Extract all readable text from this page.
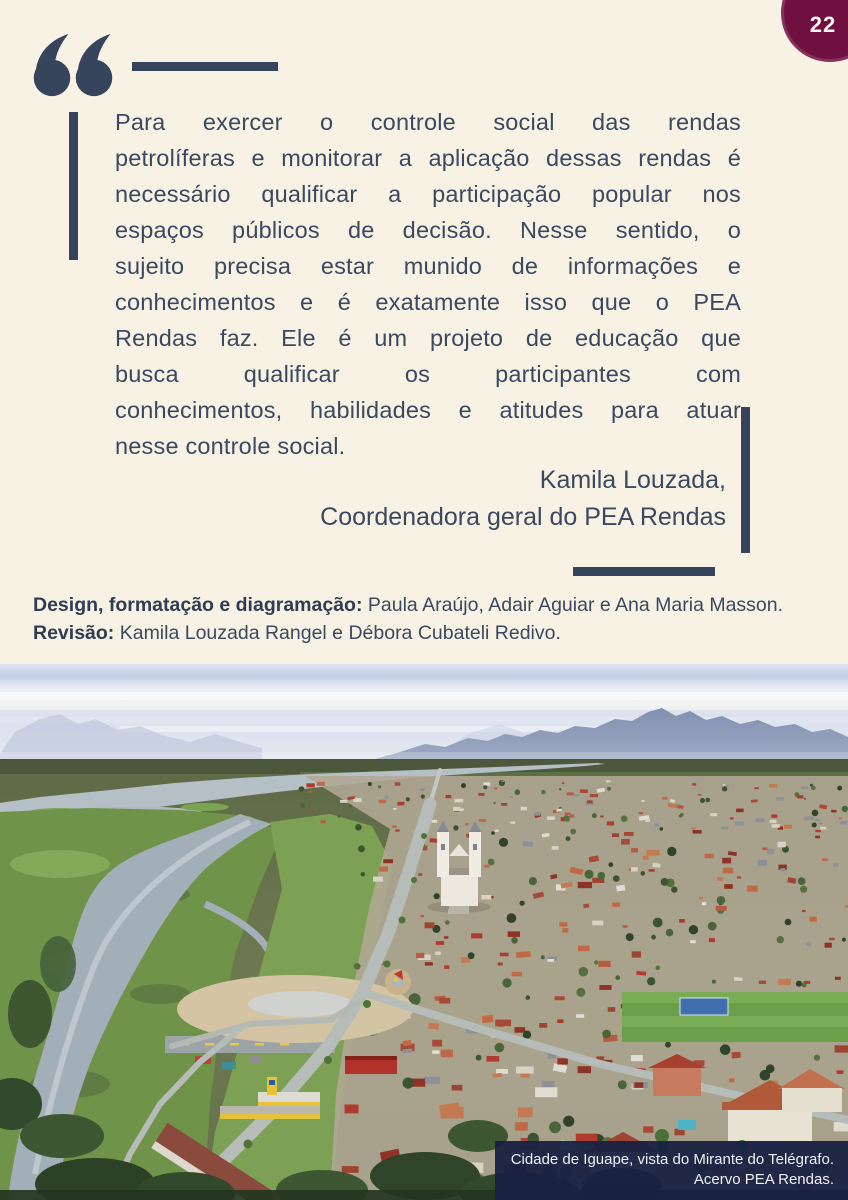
22
Para exercer o controle social das rendas
petrolíferas e monitorar a aplicação dessas rendas é
necessário qualificar a participação popular nos
espaços públicos de decisão. Nesse sentido, o
sujeito precisa estar munido de informações e
conhecimentos e é exatamente isso que o PEA
Rendas faz. Ele é um projeto de educação que
busca qualificar os participantes com
conhecimentos, habilidades e atitudes para atuar
nesse controle social.
Kamila Louzada,
Coordenadora geral do PEA Rendas
Design, formatação e diagramação: Paula Araújo, Adair Aguiar e Ana Maria Masson.
Revisão: Kamila Louzada Rangel e Débora Cubateli Redivo.
Cidade de Iguape, vista do Mirante do Telégrafo.
Acervo PEA Rendas.
